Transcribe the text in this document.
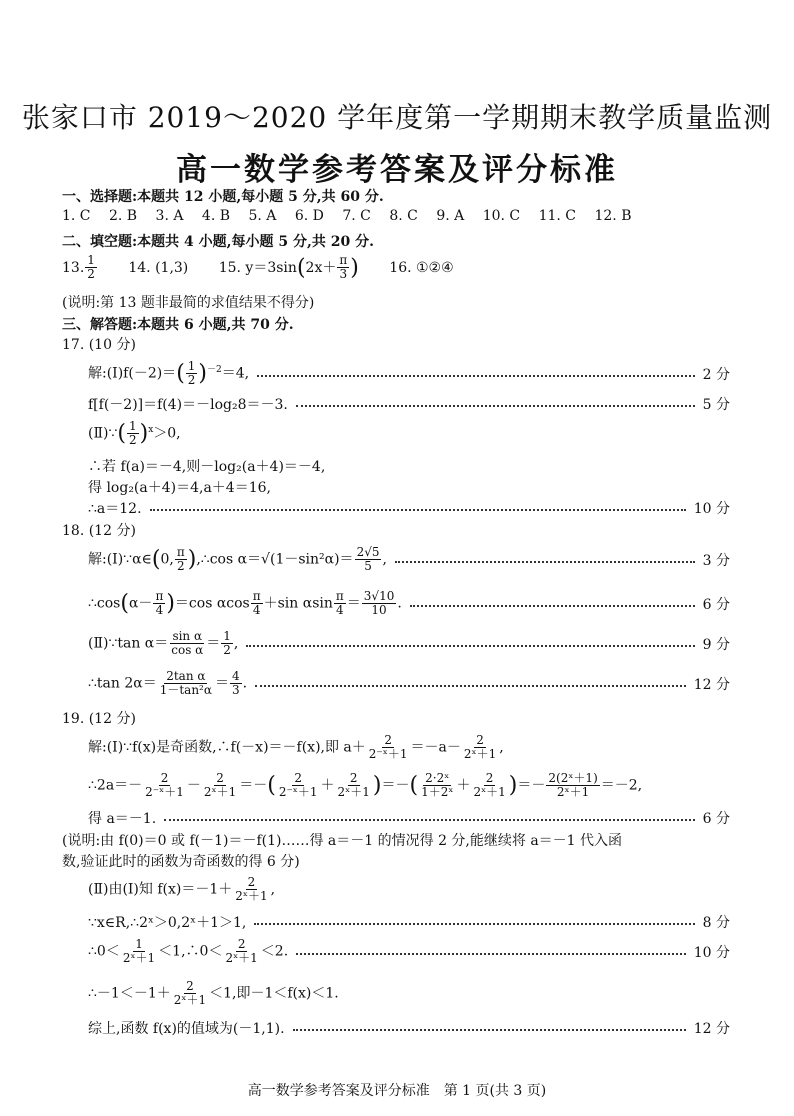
张家口市 2019～2020 学年度第一学期期末教学质量监测
高一数学参考答案及评分标准
一、选择题:本题共 12 小题,每小题 5 分,共 60 分.
1. C 2. B 3. A 4. B 5. A 6. D 7. C 8. C 9. A 10. C 11. C 12. B
二、填空题:本题共 4 小题,每小题 5 分,共 20 分.
13. $\frac{1}{2} 14$. (1,3) 15. $y=3\sin(2x+ \frac{\pi}{3}$ ) 16. ①②④
(说明:第 13 题非最简的求值结果不得分)
三、解答题:本题共 6 小题,共 70 分.
17. (10 分)
解:(Ⅰ)f(－2)＝( $\frac{1}{2} )^{-2}=4$,	2 分
f[f(－2)]＝f(4)＝－log₂8＝－3.	5 分
(Ⅱ)∵( $\frac{1}{2} )^x>0$,
∴若 f(a)＝－4,则－log₂(a＋4)＝－4,
得 log₂(a＋4)＝4,a＋4＝16,
∴a＝12.	10 分
18. (12 分)
解:(Ⅰ)∵α∈(0, $\frac{\pi}{2}$ ),∴cos $\alpha=√(1-\sin^2\alpha)= \frac{2√5}{5}$ ,	3 分
∴cos(α－ $\frac{\pi}{4} )=\cos$ αcos $\frac{\pi}{4} +\sin$ αsin $\frac{\pi}{4} = \frac{3√10}{10}$ .	6 分
(Ⅱ)∵tan $\alpha= \frac{\text{sin α}}{\text{cos α}} = \frac{1}{2}$ ,	9 分
∴tan $2\alpha= \frac{\text{2tan α}}{\text{1－tan²α}} = \frac{4}{3}$ .	12 分
19. (12 分)
解:(Ⅰ)∵f(x)是奇函数,∴f(－x)＝－f(x),即 $a+ \frac{2}{\text{2⁻ˣ＋1}} =-a- \frac{2}{\text{2ˣ＋1}}$ ,
∴2a＝－ $\frac{2}{\text{2⁻ˣ＋1}} - \frac{2}{\text{2ˣ＋1}}$ ＝－( $\frac{2}{\text{2⁻ˣ＋1}} + \frac{2}{\text{2ˣ＋1}}$ )＝－( $\frac{\text{2·2ˣ}}{\text{1＋2ˣ}} + \frac{2}{\text{2ˣ＋1}}$ )＝－ $\frac{\text{2(2ˣ＋1)}}{\text{2ˣ＋1}} =-2$,
得 a＝－1.	6 分
(说明:由 f(0)＝0 或 f(－1)＝－f(1)……得 a＝－1 的情况得 2 分,能继续将 a＝－1 代入函
数,验证此时的函数为奇函数的得 6 分)
(Ⅱ)由(Ⅰ)知 $f(x)=-1+ \frac{2}{\text{2ˣ＋1}}$ ,
∵x∈R,∴2ˣ＞0,2ˣ＋1＞1,	8 分
∴0＜ $\frac{1}{\text{2ˣ＋1}}$ ＜1,∴0＜ $\frac{2}{\text{2ˣ＋1}} <2$.	10 分
∴－1＜－1＋ $\frac{2}{\text{2ˣ＋1}} <1$,即－1＜f(x)＜1.
综上,函数 f(x)的值域为(－1,1).	12 分
高一数学参考答案及评分标准　第 1 页(共 3 页)
